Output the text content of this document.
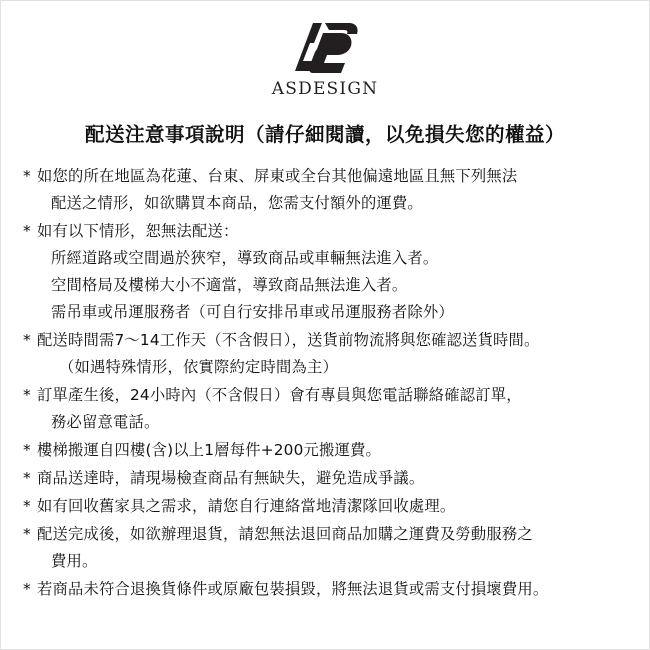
ASDESIGN
配送注意事項說明（請仔細閱讀，以免損失您的權益）
* 如您的所在地區為花蓮、台東、屏東或全台其他偏遠地區且無下列無法
配送之情形，如欲購買本商品，您需支付額外的運費。
* 如有以下情形，恕無法配送：
所經道路或空間過於狹窄，導致商品或車輛無法進入者。
空間格局及樓梯大小不適當，導致商品無法進入者。
需吊車或吊運服務者（可自行安排吊車或吊運服務者除外）
* 配送時間需7～14工作天（不含假日），送貨前物流將與您確認送貨時間。
（如遇特殊情形，依實際約定時間為主）
* 訂單產生後，24小時內（不含假日）會有專員與您電話聯絡確認訂單，
務必留意電話。
* 樓梯搬運自四樓(含)以上1層每件+200元搬運費。
* 商品送達時，請現場檢查商品有無缺失，避免造成爭議。
* 如有回收舊家具之需求，請您自行連絡當地清潔隊回收處理。
* 配送完成後，如欲辦理退貨，請恕無法退回商品加購之運費及勞動服務之
費用。
* 若商品未符合退換貨條件或原廠包裝損毀，將無法退貨或需支付損壞費用。
